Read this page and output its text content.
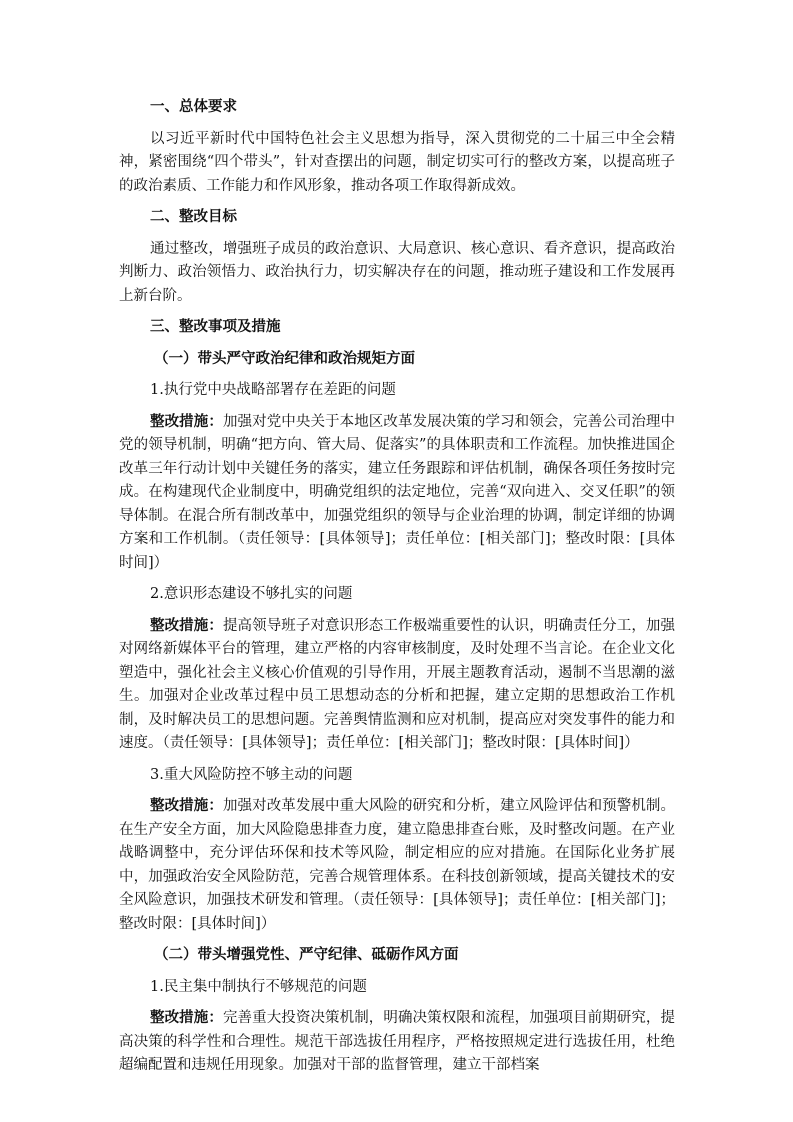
一、总体要求

以习近平新时代中国特色社会主义思想为指导，深入贯彻党的二十届三中全会精神，紧密围绕“四个带头”，针对查摆出的问题，制定切实可行的整改方案，以提高班子的政治素质、工作能力和作风形象，推动各项工作取得新成效。

二、整改目标

通过整改，增强班子成员的政治意识、大局意识、核心意识、看齐意识，提高政治判断力、政治领悟力、政治执行力，切实解决存在的问题，推动班子建设和工作发展再上新台阶。

三、整改事项及措施
（一）带头严守政治纪律和政治规矩方面
1.执行党中央战略部署存在差距的问题

整改措施：加强对党中央关于本地区改革发展决策的学习和领会，完善公司治理中党的领导机制，明确“把方向、管大局、促落实”的具体职责和工作流程。加快推进国企改革三年行动计划中关键任务的落实，建立任务跟踪和评估机制，确保各项任务按时完成。在构建现代企业制度中，明确党组织的法定地位，完善“双向进入、交叉任职”的领导体制。在混合所有制改革中，加强党组织的领导与企业治理的协调，制定详细的协调方案和工作机制。（责任领导：[具体领导]；责任单位：[相关部门]；整改时限：[具体时间]）

2.意识形态建设不够扎实的问题

整改措施：提高领导班子对意识形态工作极端重要性的认识，明确责任分工，加强对网络新媒体平台的管理，建立严格的内容审核制度，及时处理不当言论。在企业文化塑造中，强化社会主义核心价值观的引导作用，开展主题教育活动，遏制不当思潮的滋生。加强对企业改革过程中员工思想动态的分析和把握，建立定期的思想政治工作机制，及时解决员工的思想问题。完善舆情监测和应对机制，提高应对突发事件的能力和速度。（责任领导：[具体领导]；责任单位：[相关部门]；整改时限：[具体时间]）

3.重大风险防控不够主动的问题

整改措施：加强对改革发展中重大风险的研究和分析，建立风险评估和预警机制。在生产安全方面，加大风险隐患排查力度，建立隐患排查台账，及时整改问题。在产业战略调整中，充分评估环保和技术等风险，制定相应的应对措施。在国际化业务扩展中，加强政治安全风险防范，完善合规管理体系。在科技创新领域，提高关键技术的安全风险意识，加强技术研发和管理。（责任领导：[具体领导]；责任单位：[相关部门]；整改时限：[具体时间]）

（二）带头增强党性、严守纪律、砥砺作风方面
1.民主集中制执行不够规范的问题

整改措施：完善重大投资决策机制，明确决策权限和流程，加强项目前期研究，提高决策的科学性和合理性。规范干部选拔任用程序，严格按照规定进行选拔任用，杜绝超编配置和违规任用现象。加强对干部的监督管理，建立干部档案
